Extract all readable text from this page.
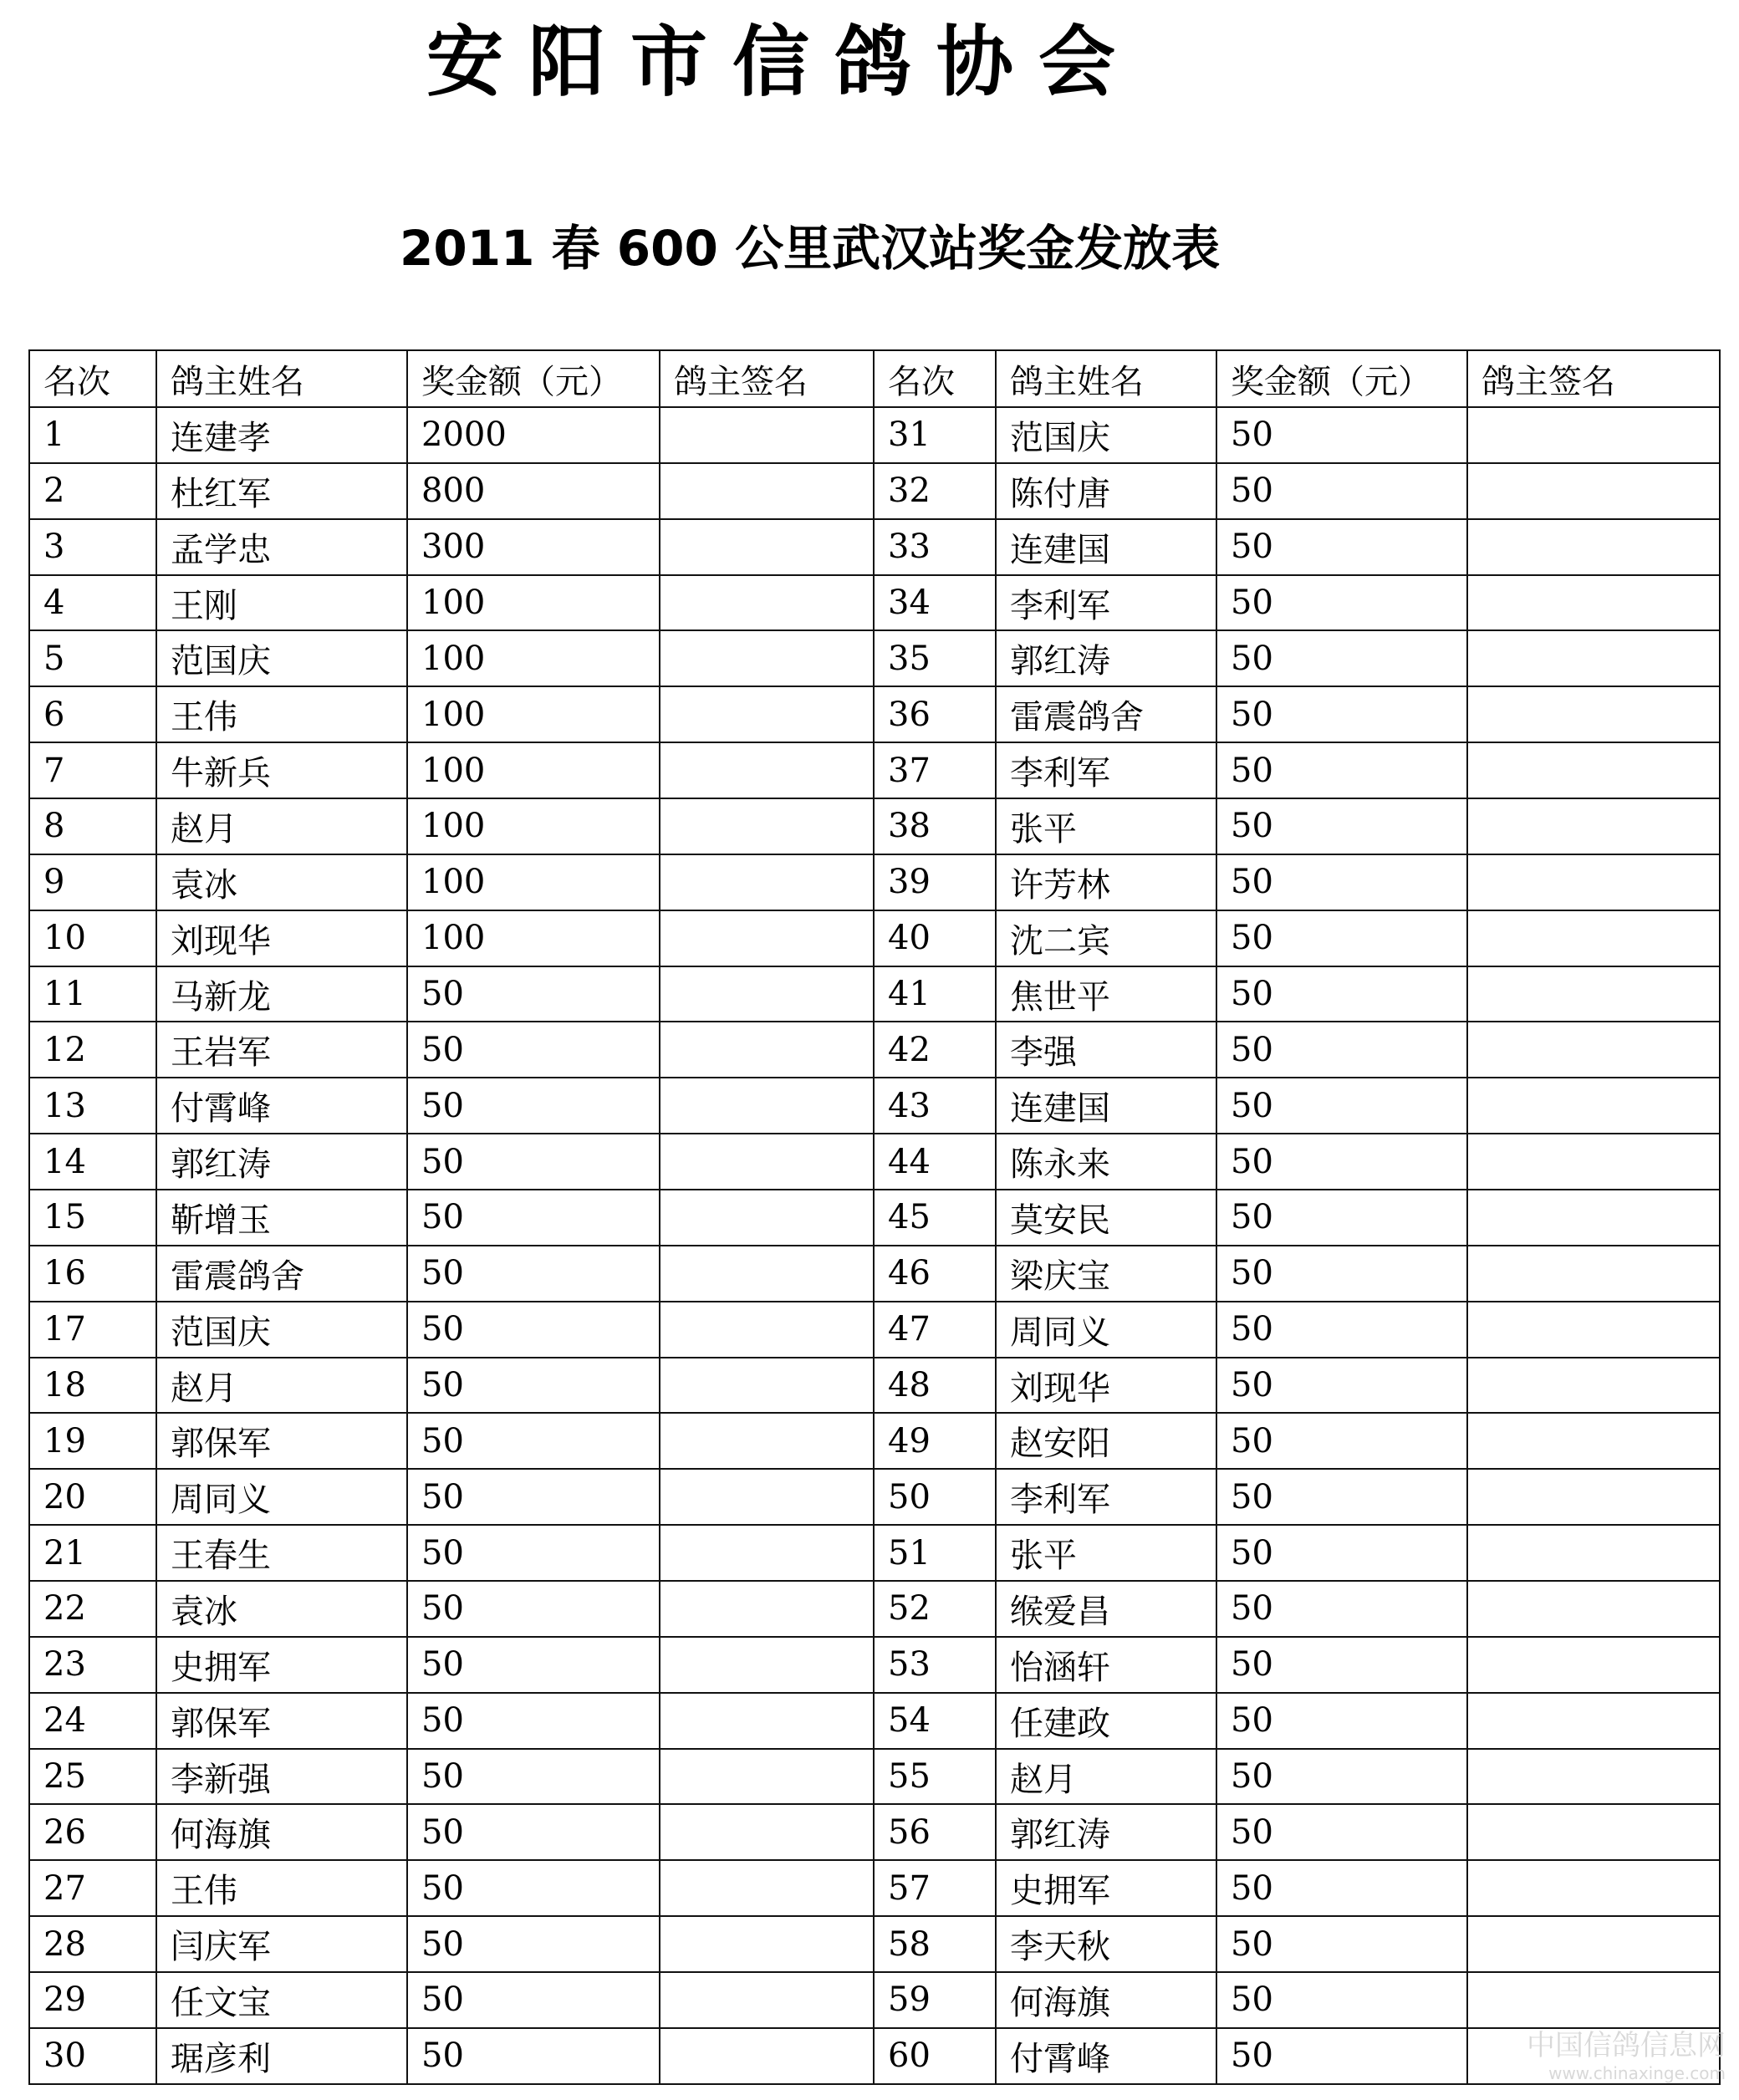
安阳市信鸽协会
2011 春 600 公里武汉站奖金发放表
名次	鸽主姓名	奖金额（元）	鸽主签名	名次	鸽主姓名	奖金额（元）	鸽主签名
1	连建孝	2000		31	范国庆	50	
2	杜红军	800		32	陈付唐	50	
3	孟学忠	300		33	连建国	50	
4	王刚	100		34	李利军	50	
5	范国庆	100		35	郭红涛	50	
6	王伟	100		36	雷震鸽舍	50	
7	牛新兵	100		37	李利军	50	
8	赵月	100		38	张平	50	
9	袁冰	100		39	许芳林	50	
10	刘现华	100		40	沈二宾	50	
11	马新龙	50		41	焦世平	50	
12	王岩军	50		42	李强	50	
13	付霄峰	50		43	连建国	50	
14	郭红涛	50		44	陈永来	50	
15	靳增玉	50		45	莫安民	50	
16	雷震鸽舍	50		46	梁庆宝	50	
17	范国庆	50		47	周同义	50	
18	赵月	50		48	刘现华	50	
19	郭保军	50		49	赵安阳	50	
20	周同义	50		50	李利军	50	
21	王春生	50		51	张平	50	
22	袁冰	50		52	缑爱昌	50	
23	史拥军	50		53	怡涵轩	50	
24	郭保军	50		54	任建政	50	
25	李新强	50		55	赵月	50	
26	何海旗	50		56	郭红涛	50	
27	王伟	50		57	史拥军	50	
28	闫庆军	50		58	李天秋	50	
29	任文宝	50		59	何海旗	50	
30	琚彦利	50		60	付霄峰	50		中国信鸽信息网
www.chinaxinge.com
